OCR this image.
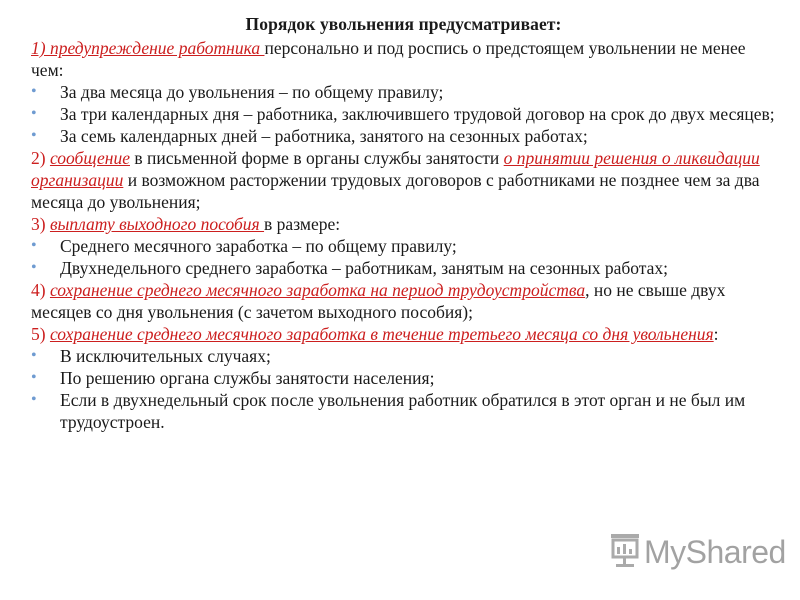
Порядок увольнения предусматривает:

1) предупреждение работника персонально и под роспись о предстоящем увольнении не менее чем:

• За два месяца до увольнения – по общему правилу;

• За три календарных дня – работника, заключившего трудовой договор на срок до двух месяцев;

• За семь календарных дней – работника, занятого на сезонных работах;

2) сообщение в письменной форме в органы службы занятости о принятии решения о ликвидации организации и возможном расторжении трудовых договоров с работниками не позднее чем за два месяца до увольнения;

3) выплату выходного пособия в размере:

• Среднего месячного заработка – по общему правилу;

• Двухнедельного среднего заработка – работникам, занятым на сезонных работах;

4) сохранение среднего месячного заработка на период трудоустройства, но не свыше двух месяцев со дня увольнения (с зачетом выходного пособия);

5) сохранение среднего месячного заработка в течение третьего месяца со дня увольнения:

• В исключительных случаях;

• По решению органа службы занятости населения;

• Если в двухнедельный срок после увольнения работник обратился в этот орган и не был им трудоустроен.

MyShared
